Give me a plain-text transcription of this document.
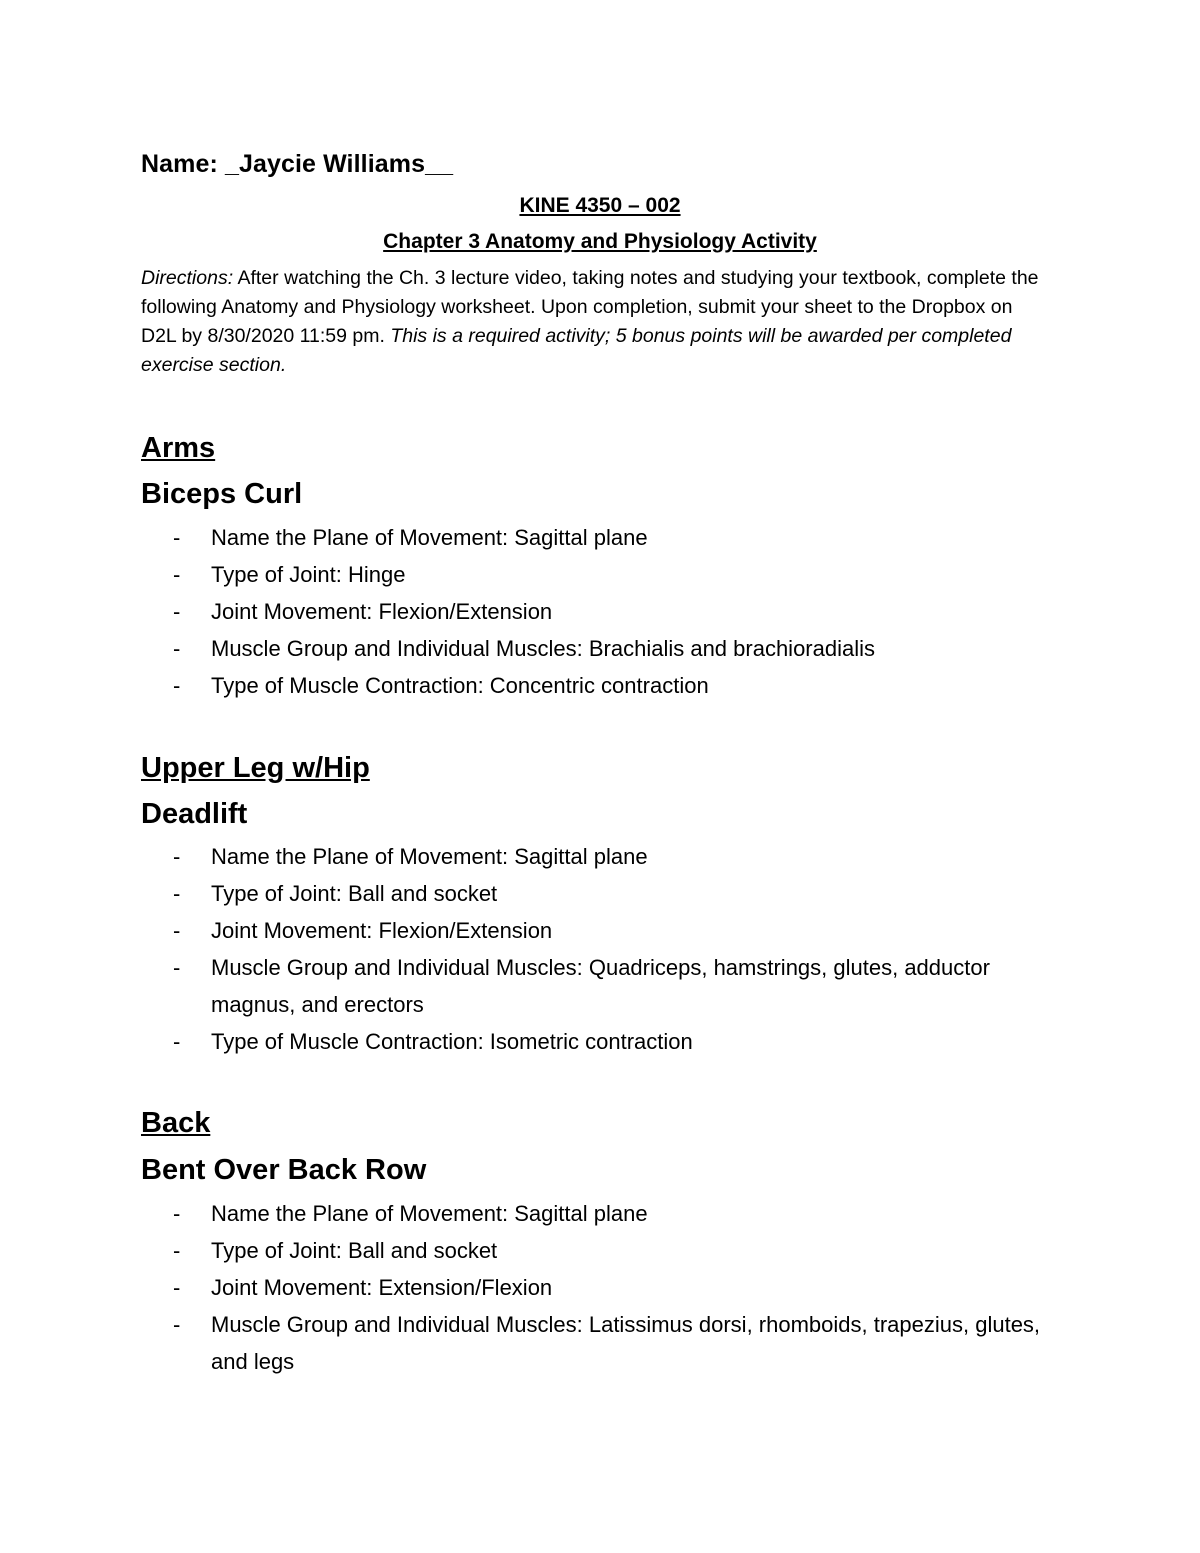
Name: _Jaycie Williams__
KINE 4350 – 002
Chapter 3 Anatomy and Physiology Activity
Directions: After watching the Ch. 3 lecture video, taking notes and studying your textbook, complete the following Anatomy and Physiology worksheet. Upon completion, submit your sheet to the Dropbox on D2L by 8/30/2020 11:59 pm. This is a required activity; 5 bonus points will be awarded per completed exercise section.
Arms
Biceps Curl
- Name the Plane of Movement: Sagittal plane
- Type of Joint: Hinge
- Joint Movement: Flexion/Extension
- Muscle Group and Individual Muscles: Brachialis and brachioradialis
- Type of Muscle Contraction: Concentric contraction
Upper Leg w/Hip
Deadlift
- Name the Plane of Movement: Sagittal plane
- Type of Joint: Ball and socket
- Joint Movement: Flexion/Extension
- Muscle Group and Individual Muscles: Quadriceps, hamstrings, glutes, adductor magnus, and erectors
- Type of Muscle Contraction: Isometric contraction
Back
Bent Over Back Row
- Name the Plane of Movement: Sagittal plane
- Type of Joint: Ball and socket
- Joint Movement: Extension/Flexion
- Muscle Group and Individual Muscles: Latissimus dorsi, rhomboids, trapezius, glutes, and legs
